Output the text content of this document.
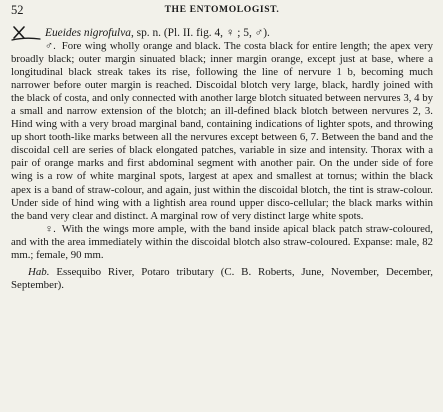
52	THE ENTOMOLOGIST.
Eueides nigrofulva, sp. n. (Pl. II. fig. 4, ♀ ; 5, ♂).

♂. Fore wing wholly orange and black. The costa black for entire length; the apex very broadly black; outer margin sinuated black; inner margin orange, except just at base, where a longitudinal black streak takes its rise, following the line of nervure 1 b, becoming much narrower before outer margin is reached. Discoidal blotch very large, black, hardly joined with the black of costa, and only connected with another large blotch situated between nervures 3, 4 by a small and narrow extension of the blotch; an ill-defined black blotch between nervures 2, 3. Hind wing with a very broad marginal band, containing indications of lighter spots, and throwing up short tooth-like marks between all the nervures except between 6, 7. Between the band and the discoidal cell are series of black elongated patches, variable in size and intensity. Thorax with a pair of orange marks and first abdominal segment with another pair. On the under side of fore wing is a row of white marginal spots, largest at apex and smallest at tornus; within the black apex is a band of straw-colour, and again, just within the discoidal blotch, the tint is straw-colour. Under side of hind wing with a lightish area round upper disco-cellular; the black marks within the band very clear and distinct. A marginal row of very distinct large white spots.

♀. With the wings more ample, with the band inside apical black patch straw-coloured, and with the area immediately within the discoidal blotch also straw-coloured. Expanse: male, 82 mm.; female, 90 mm.

Hab. Essequibo River, Potaro tributary (C. B. Roberts, June, November, December, September).
